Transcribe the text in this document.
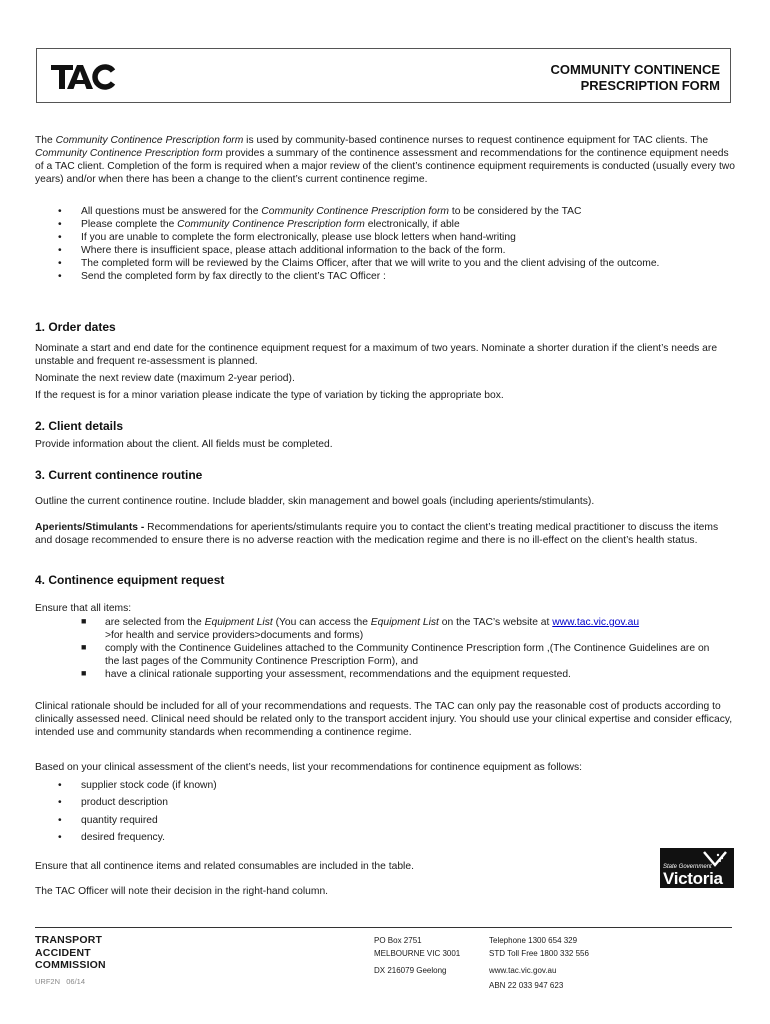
COMMUNITY CONTINENCE
PRESCRIPTION FORM

The Community Continence Prescription form is used by community-based continence nurses to request continence equipment for TAC clients. The Community Continence Prescription form provides a summary of the continence assessment and recommendations for the continence equipment needs of a TAC client. Completion of the form is required when a major review of the client’s continence equipment requirements is conducted (usually every two years) and/or when there has been a change to the client’s current continence regime.

• All questions must be answered for the Community Continence Prescription form to be considered by the TAC
• Please complete the Community Continence Prescription form electronically, if able
• If you are unable to complete the form electronically, please use block letters when hand-writing
• Where there is insufficient space, please attach additional information to the back of the form.
• The completed form will be reviewed by the Claims Officer, after that we will write to you and the client advising of the outcome.
• Send the completed form by fax directly to the client’s TAC Officer :
1. Order dates

Nominate a start and end date for the continence equipment request for a maximum of two years. Nominate a shorter duration if the client’s needs are unstable and frequent re-assessment is planned.

Nominate the next review date (maximum 2-year period).

If the request is for a minor variation please indicate the type of variation by ticking the appropriate box.

2. Client details

Provide information about the client. All fields must be completed.

3. Current continence routine

Outline the current continence routine. Include bladder, skin management and bowel goals (including aperients/stimulants).

Aperients/Stimulants - Recommendations for aperients/stimulants require you to contact the client’s treating medical practitioner to discuss the items and dosage recommended to ensure there is no adverse reaction with the medication regime and there is no ill-effect on the client’s health status.

4. Continence equipment request

Ensure that all items:

■ are selected from the Equipment List (You can access the Equipment List on the TAC’s website at www.tac.vic.gov.au
>for health and service providers>documents and forms)
■ comply with the Continence Guidelines attached to the Community Continence Prescription form ,(The Continence Guidelines are on the last pages of the Community Continence Prescription Form), and
■ have a clinical rationale supporting your assessment, recommendations and the equipment requested.

Clinical rationale should be included for all of your recommendations and requests. The TAC can only pay the reasonable cost of products according to clinically assessed need. Clinical need should be related only to the transport accident injury. You should use your clinical expertise and consider efficacy, intended use and community standards when recommending a continence regime.

Based on your clinical assessment of the client’s needs, list your recommendations for continence equipment as follows:

• supplier stock code (if known)
• product description
• quantity required
• desired frequency.

Ensure that all continence items and related consumables are included in the table.

The TAC Officer will note their decision in the right-hand column.

State Government
Victoria
TRANSPORT
ACCIDENT
COMMISSION
URF2N   06/14
PO Box 2751
MELBOURNE VIC 3001
DX 216079 Geelong
Telephone 1300 654 329
STD Toll Free 1800 332 556
www.tac.vic.gov.au
ABN 22 033 947 623
